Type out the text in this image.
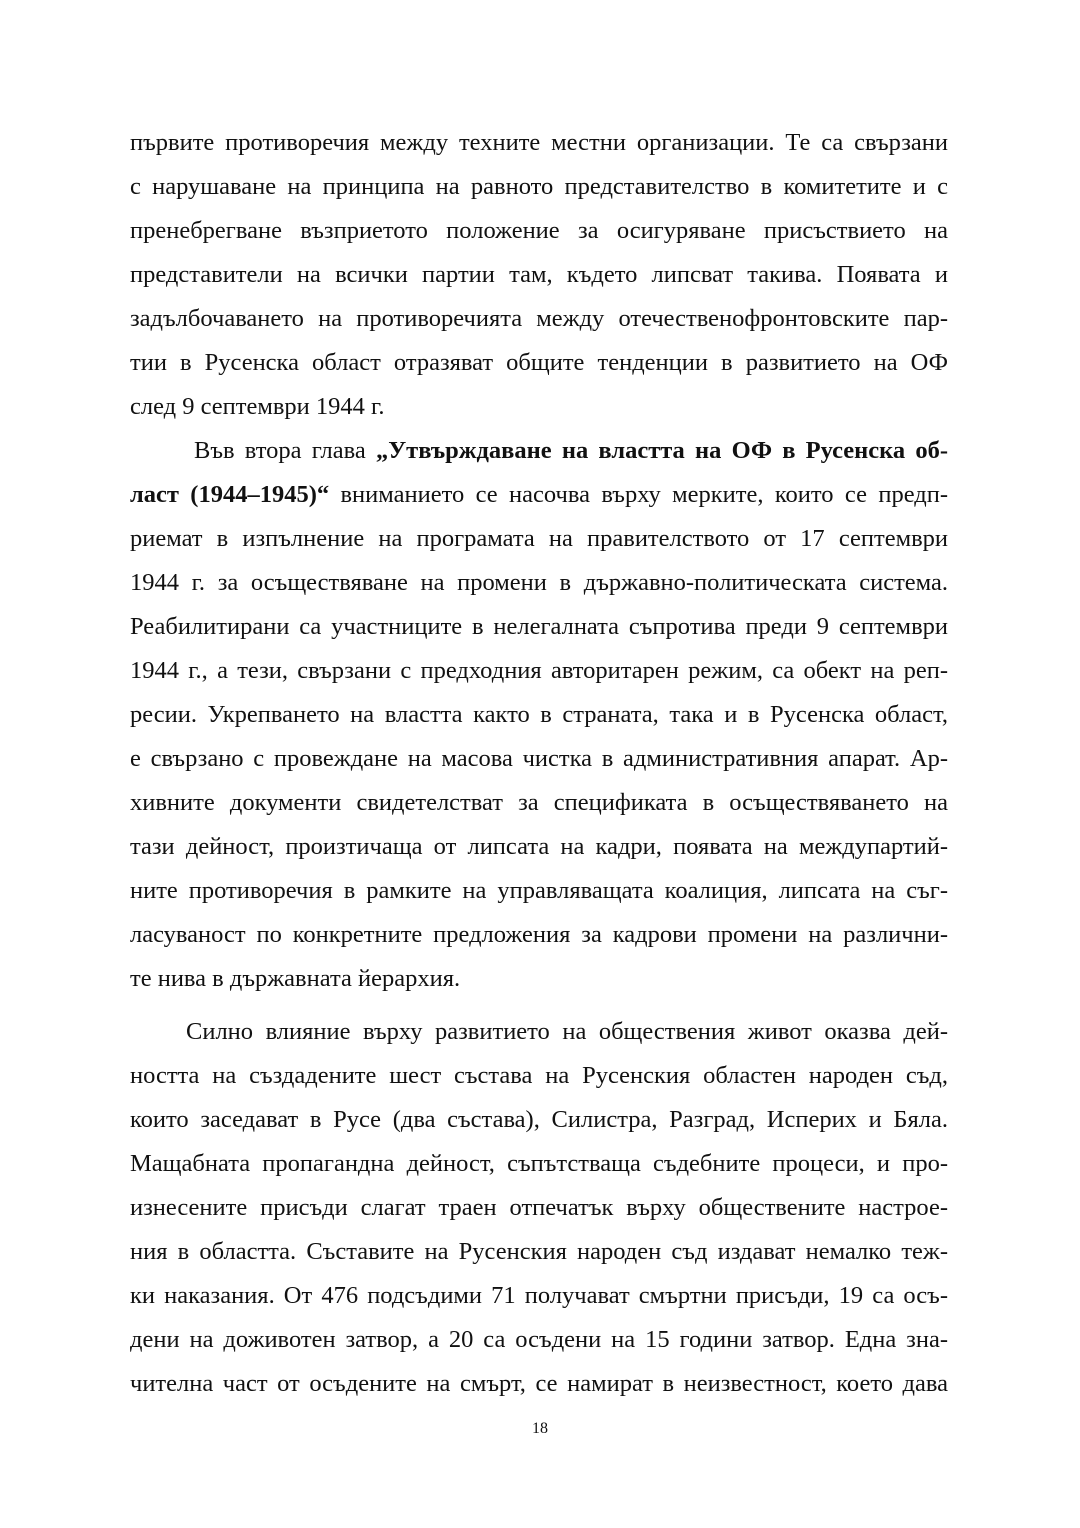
първите противоречия между техните местни организации. Те са свързани
с нарушаване на принципа на равното представителство в комитетите и с
пренебрегване възприетото положение за осигуряване присъствието на
представители на всички партии там, където липсват такива. Появата и
задълбочаването на противоречията между отечественофронтовските пар-
тии в Русенска област отразяват общите тенденции в развитието на ОФ
след 9 септември 1944 г.
Във втора глава „Утвърждаване на властта на ОФ в Русенска об-
ласт (1944–1945)“ вниманието се насочва върху мерките, които се предп-
риемат в изпълнение на програмата на правителството от 17 септември
1944 г. за осъществяване на промени в държавно-политическата система.
Реабилитирани са участниците в нелегалната съпротива преди 9 септември
1944 г., а тези, свързани с предходния авторитарен режим, са обект на реп-
ресии. Укрепването на властта както в страната, така и в Русенска област,
е свързано с провеждане на масова чистка в административния апарат. Ар-
хивните документи свидетелстват за спецификата в осъществяването на
тази дейност, произтичаща от липсата на кадри, появата на междупартий-
ните противоречия в рамките на управляващата коалиция, липсата на съг-
ласуваност по конкретните предложения за кадрови промени на различни-
те нива в държавната йерархия.
Силно влияние върху развитието на обществения живот оказва дей-
ността на създадените шест състава на Русенския областен народен съд,
които заседават в Русе (два състава), Силистра, Разград, Исперих и Бяла.
Мащабната пропагандна дейност, съпътстваща съдебните процеси, и про-
изнесените присъди слагат траен отпечатък върху обществените настрое-
ния в областта. Съставите на Русенския народен съд издават немалко теж-
ки наказания. От 476 подсъдими 71 получават смъртни присъди, 19 са осъ-
дени на доживотен затвор, а 20 са осъдени на 15 години затвор. Една зна-
чителна част от осъдените на смърт, се намират в неизвестност, което дава
18
